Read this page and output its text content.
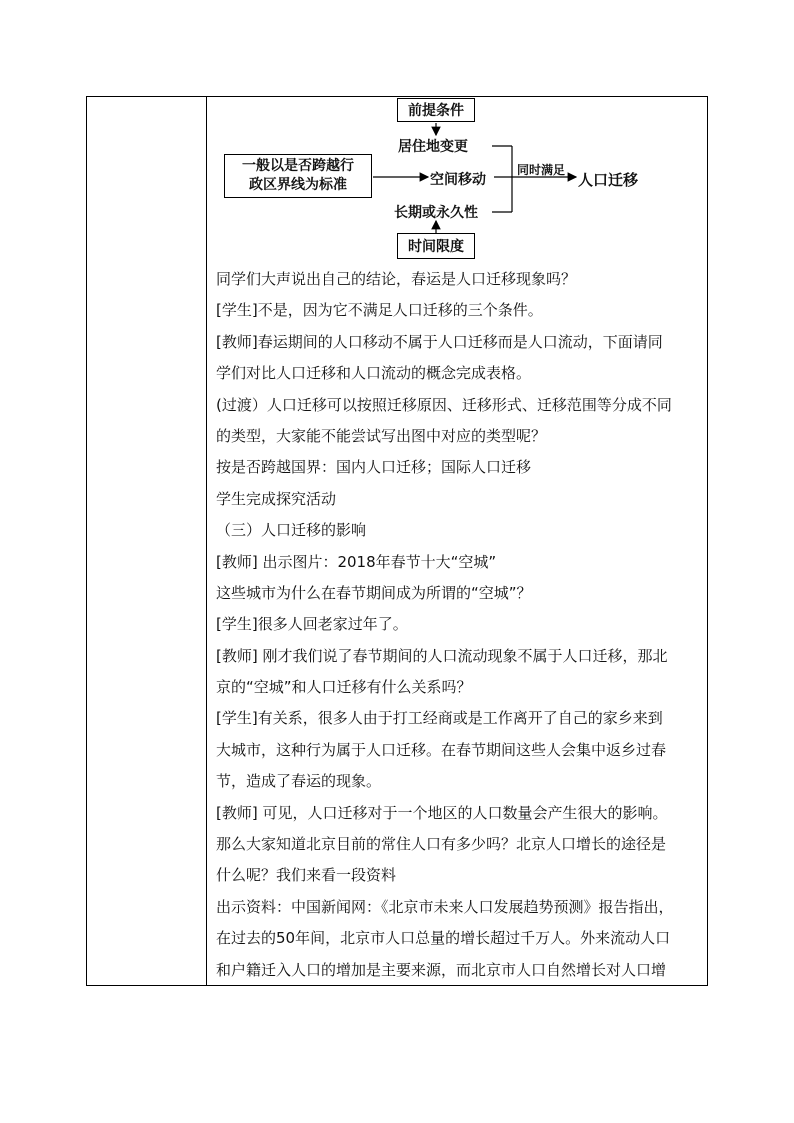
前提条件
居住地变更
一般以是否跨越行
政区界线为标准	空间移动
同时满足
人口迁移
长期或永久性
时间限度
同学们大声说出自己的结论，春运是人口迁移现象吗？
[学生]不是，因为它不满足人口迁移的三个条件。
[教师]春运期间的人口移动不属于人口迁移而是人口流动，下面请同
学们对比人口迁移和人口流动的概念完成表格。
(过渡）人口迁移可以按照迁移原因、迁移形式、迁移范围等分成不同
的类型，大家能不能尝试写出图中对应的类型呢？
按是否跨越国界：国内人口迁移；国际人口迁移
学生完成探究活动
（三）人口迁移的影响
[教师] 出示图片：2018年春节十大“空城”
这些城市为什么在春节期间成为所谓的“空城”？
[学生]很多人回老家过年了。
[教师] 刚才我们说了春节期间的人口流动现象不属于人口迁移，那北
京的“空城”和人口迁移有什么关系吗？
[学生]有关系，很多人由于打工经商或是工作离开了自己的家乡来到
大城市，这种行为属于人口迁移。在春节期间这些人会集中返乡过春
节，造成了春运的现象。
[教师] 可见，人口迁移对于一个地区的人口数量会产生很大的影响。
那么大家知道北京目前的常住人口有多少吗？北京人口增长的途径是
什么呢？我们来看一段资料
出示资料：中国新闻网：《北京市未来人口发展趋势预测》报告指出，
在过去的50年间，北京市人口总量的增长超过千万人。外来流动人口
和户籍迁入人口的增加是主要来源，而北京市人口自然增长对人口增
